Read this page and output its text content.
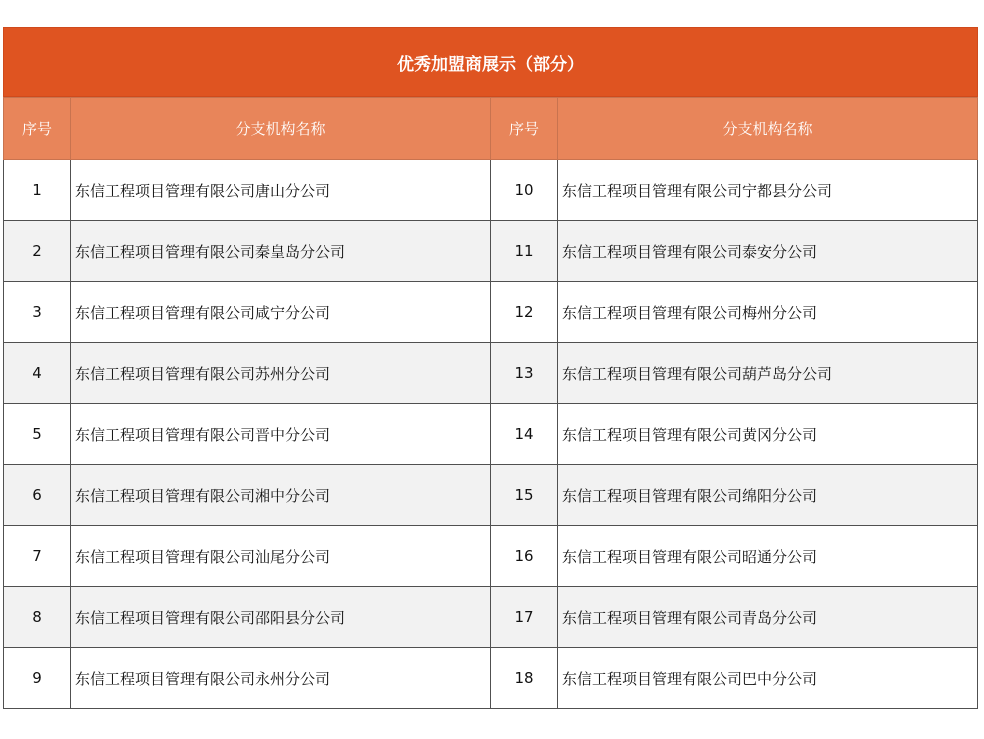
优秀加盟商展示（部分）
序号	分支机构名称	序号	分支机构名称
1	东信工程项目管理有限公司唐山分公司	10	东信工程项目管理有限公司宁都县分公司
2	东信工程项目管理有限公司秦皇岛分公司	11	东信工程项目管理有限公司泰安分公司
3	东信工程项目管理有限公司咸宁分公司	12	东信工程项目管理有限公司梅州分公司
4	东信工程项目管理有限公司苏州分公司	13	东信工程项目管理有限公司葫芦岛分公司
5	东信工程项目管理有限公司晋中分公司	14	东信工程项目管理有限公司黄冈分公司
6	东信工程项目管理有限公司湘中分公司	15	东信工程项目管理有限公司绵阳分公司
7	东信工程项目管理有限公司汕尾分公司	16	东信工程项目管理有限公司昭通分公司
8	东信工程项目管理有限公司邵阳县分公司	17	东信工程项目管理有限公司青岛分公司
9	东信工程项目管理有限公司永州分公司	18	东信工程项目管理有限公司巴中分公司
